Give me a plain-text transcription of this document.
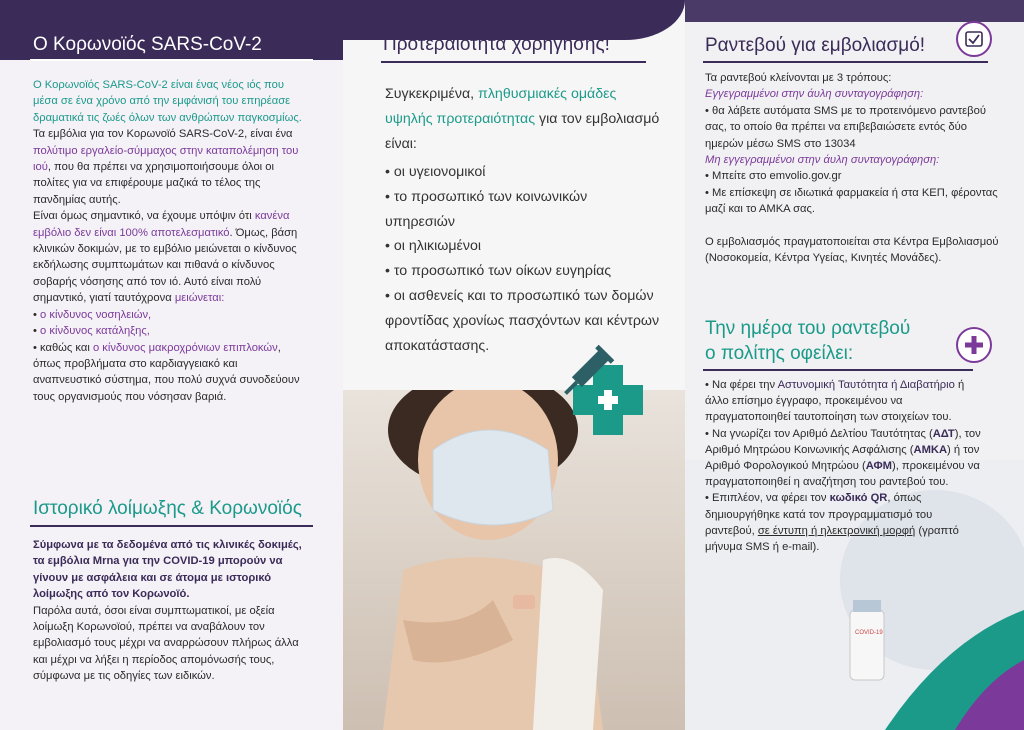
Ο Κορωνοϊός SARS-CoV-2
Ο Κορωνοϊός SARS-CoV-2 είναι ένας νέος ιός που μέσα σε ένα χρόνο από την εμφάνισή του επηρέασε δραματικά τις ζωές όλων των ανθρώπων παγκοσμίως.
Τα εμβόλια για τον Κορωνοϊό SARS-CoV-2, είναι ένα πολύτιμο εργαλείο-σύμμαχος στην καταπολέμηση του ιού, που θα πρέπει να χρησιμοποιήσουμε όλοι οι πολίτες για να επιφέρουμε μαζικά το τέλος της πανδημίας αυτής.
Είναι όμως σημαντικό, να έχουμε υπόψιν ότι κανένα εμβόλιο δεν είναι 100% αποτελεσματικό. Όμως, βάση κλινικών δοκιμών, με το εμβόλιο μειώνεται ο κίνδυνος εκδήλωσης συμπτωμάτων και πιθανά ο κίνδυνος σοβαρής νόσησης από τον ιό. Αυτό είναι πολύ σημαντικό, γιατί ταυτόχρονα μειώνεται:
• ο κίνδυνος νοσηλειών,
• ο κίνδυνος κατάληξης,
• καθώς και ο κίνδυνος μακροχρόνιων επιπλοκών, όπως προβλήματα στο καρδιαγγειακό και αναπνευστικό σύστημα, που πολύ συχνά συνοδεύουν τους οργανισμούς που νόσησαν βαριά.
Ιστορικό λοίμωξης & Κορωνοϊός
Σύμφωνα με τα δεδομένα από τις κλινικές δοκιμές, τα εμβόλια Mrna για την COVID-19 μπορούν να γίνουν με ασφάλεια και σε άτομα με ιστορικό λοίμωξης από τον Κορωνοϊό.
Παρόλα αυτά, όσοι είναι συμπτωματικοί, με οξεία λοίμωξη Κορωνοϊού, πρέπει να αναβάλουν τον εμβολιασμό τους μέχρι να αναρρώσουν πλήρως άλλα και μέχρι να λήξει η περίοδος απομόνωσής τους, σύμφωνα με τις οδηγίες των ειδικών.
Προτεραιότητα χορήγησης!
Συγκεκριμένα, πληθυσμιακές ομάδες υψηλής προτεραιότητας για τον εμβολιασμό είναι:
• οι υγειονομικοί
• το προσωπικό των κοινωνικών υπηρεσιών
• οι ηλικιωμένοι
• το προσωπικό των οίκων ευγηρίας
• οι ασθενείς και το προσωπικό των δομών φροντίδας χρονίως πασχόντων και κέντρων αποκατάστασης.
Ραντεβού για εμβολιασμό!
Τα ραντεβού κλείνονται με 3 τρόπους:
Εγγεγραμμένοι στην άυλη συνταγογράφηση:
• θα λάβετε αυτόματα SMS με το προτεινόμενο ραντεβού σας, το οποίο θα πρέπει να επιβεβαιώσετε εντός δύο ημερών μέσω SMS στο 13034
Μη εγγεγραμμένοι στην άυλη συνταγογράφηση:
• Μπείτε στο emvolio.gov.gr
• Με επίσκεψη σε ιδιωτικά φαρμακεία ή στα ΚΕΠ, φέροντας μαζί και το ΑΜΚΑ σας.
Ο εμβολιασμός πραγματοποιείται στα Κέντρα Εμβολιασμού (Νοσοκομεία, Κέντρα Υγείας, Κινητές Μονάδες).
Την ημέρα του ραντεβού
ο πολίτης οφείλει:
COVID-19
• Να φέρει την Αστυνομική Ταυτότητα ή Διαβατήριο ή άλλο επίσημο έγγραφο, προκειμένου να πραγματοποιηθεί ταυτοποίηση των στοιχείων του.
• Να γνωρίζει τον Αριθμό Δελτίου Ταυτότητας (ΑΔΤ), τον Αριθμό Μητρώου Κοινωνικής Ασφάλισης (ΑΜΚΑ) ή τον Αριθμό Φορολογικού Μητρώου (ΑΦΜ), προκειμένου να πραγματοποιηθεί η αναζήτηση του ραντεβού του.
• Επιπλέον, να φέρει τον κωδικό QR, όπως δημιουργήθηκε κατά τον προγραμματισμό του ραντεβού, σε έντυπη ή ηλεκτρονική μορφή (γραπτό μήνυμα SMS ή e-mail).
